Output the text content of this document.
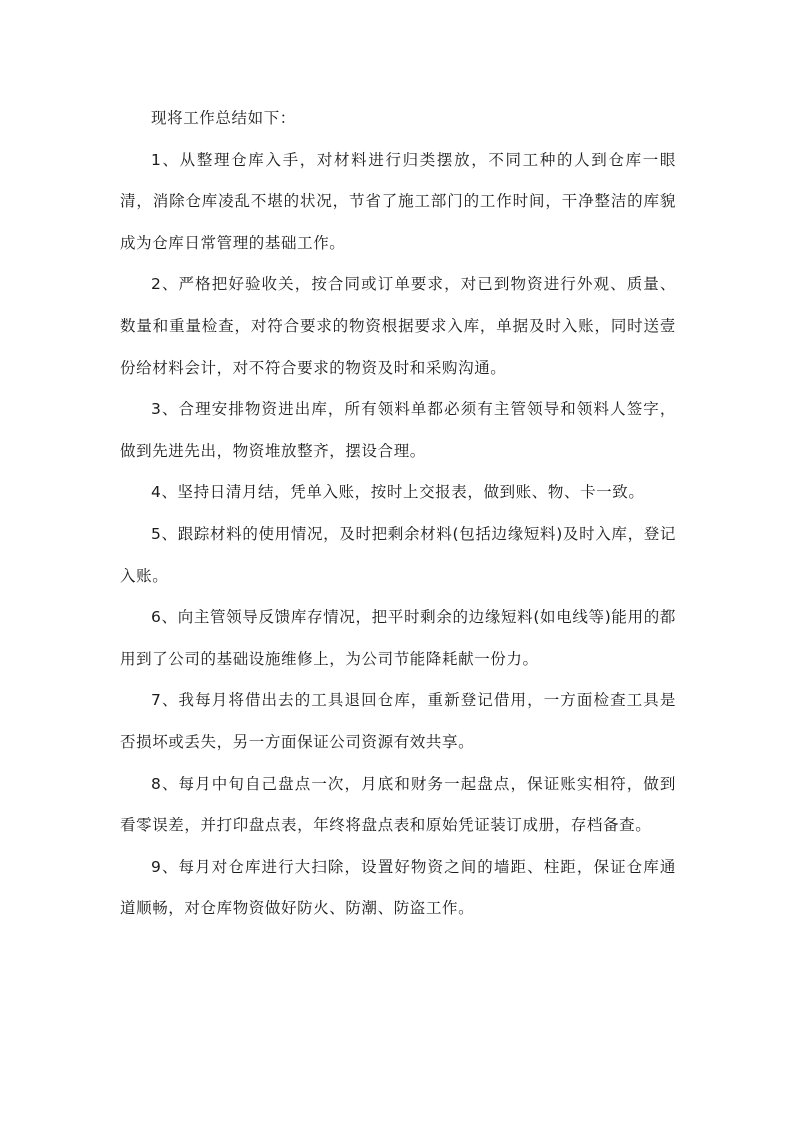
现将工作总结如下：

1、从整理仓库入手，对材料进行归类摆放，不同工种的人到仓库一眼清，消除仓库凌乱不堪的状况，节省了施工部门的工作时间，干净整洁的库貌成为仓库日常管理的基础工作。

2、严格把好验收关，按合同或订单要求，对已到物资进行外观、质量、数量和重量检查，对符合要求的物资根据要求入库，单据及时入账，同时送壹份给材料会计，对不符合要求的物资及时和采购沟通。

3、合理安排物资进出库，所有领料单都必须有主管领导和领料人签字，做到先进先出，物资堆放整齐，摆设合理。

4、坚持日清月结，凭单入账，按时上交报表，做到账、物、卡一致。

5、跟踪材料的使用情况，及时把剩余材料(包括边缘短料)及时入库，登记入账。

6、向主管领导反馈库存情况，把平时剩余的边缘短料(如电线等)能用的都用到了公司的基础设施维修上，为公司节能降耗献一份力。

7、我每月将借出去的工具退回仓库，重新登记借用，一方面检查工具是否损坏或丢失，另一方面保证公司资源有效共享。

8、每月中旬自己盘点一次，月底和财务一起盘点，保证账实相符，做到看零误差，并打印盘点表，年终将盘点表和原始凭证装订成册，存档备查。

9、每月对仓库进行大扫除，设置好物资之间的墙距、柱距，保证仓库通道顺畅，对仓库物资做好防火、防潮、防盗工作。
